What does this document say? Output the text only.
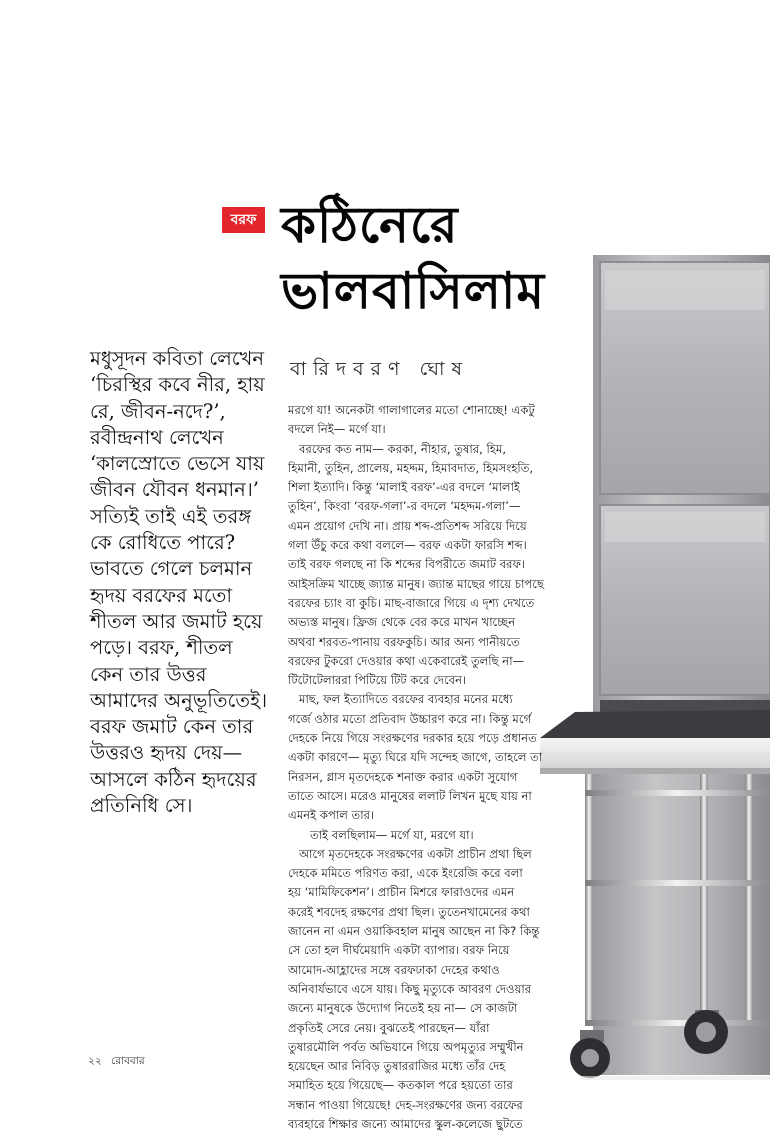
বরফ কঠিনেরে
ভালবাসিলাম
বারিদবরণ ঘোষ

মধুসূদন কবিতা লেখেন
‘চিরস্থির কবে নীর, হায়
রে, জীবন-নদে?’,
রবীন্দ্রনাথ লেখেন
‘কালস্রোতে ভেসে যায়
জীবন যৌবন ধনমান।’
সত্যিই তাই এই তরঙ্গ
কে রোধিতে পারে?
ভাবতে গেলে চলমান
হৃদয় বরফের মতো
শীতল আর জমাট হয়ে
পড়ে। বরফ, শীতল
কেন তার উত্তর
আমাদের অনুভূতিতেই।
বরফ জমাট কেন তার
উত্তরও হৃদয় দেয়—
আসলে কঠিন হৃদয়ের
প্রতিনিধি সে।

মরগে যা! অনেকটা গালাগালের মতো শোনাচ্ছে! একটু
বদলে নিই— মর্গে যা।
বরফের কত নাম— করকা, নীহার, তুষার, হিম,
হিমানী, তুহিন, প্রালেয়, মহদ্দম, হিমাবদাত, হিমসংহতি,
শিলা ইত্যাদি। কিন্তু ‘মালাই বরফ’-এর বদলে ‘মালাই
তুহিন’, কিংবা ‘বরফ-গলা’-র বদলে ‘মহদ্দম-গলা’—
এমন প্রয়োগ দেখি না। প্রায় শব্দ-প্রতিশব্দ সরিয়ে দিয়ে
গলা উঁচু করে কথা বললে— বরফ একটা ফারসি শব্দ।
তাই বরফ গলছে না কি শব্দের বিপরীতে জমাট বরফ।
আইসক্রিম খাচ্ছে জ্যান্ত মানুষ। জ্যান্ত মাছের গায়ে চাপছে
বরফের চ্যাং বা কুচি। মাছ-বাজারে গিয়ে এ দৃশ্য দেখতে
অভ্যস্ত মানুষ। ফ্রিজ থেকে বের করে মাখন খাচ্ছেন
অথবা শরবত-পানায় বরফকুচি। আর অন্য পানীয়তে
বরফের টুকরো দেওয়ার কথা একেবারেই তুলছি না—
টিটোটেলাররা পিটিয়ে টিট করে দেবেন।
মাছ, ফল ইত্যাদিতে বরফের ব্যবহার মনের মধ্যে
গর্জে ওঠার মতো প্রতিবাদ উচ্চারণ করে না। কিন্তু মর্গে
দেহকে নিয়ে গিয়ে সংরক্ষণের দরকার হয়ে পড়ে প্রধানত
একটা কারণে— মৃত্যু ঘিরে যদি সন্দেহ জাগে, তাহলে তা
নিরসন, গ্লাস মৃতদেহকে শনাক্ত করার একটা সুযোগ
তাতে আসে। মরেও মানুষের ললাট লিখন মুছে যায় না
এমনই কপাল তার।
তাই বলছিলাম— মর্গে যা, মরগে যা।
আগে মৃতদেহকে সংরক্ষণের একটা প্রাচীন প্রথা ছিল
দেহকে মমিতে পরিণত করা, একে ইংরেজি করে বলা
হয় ‘মামিফিকেশন’। প্রাচীন মিশরে ফারাওদের এমন
করেই শবদেহ রক্ষণের প্রথা ছিল। তুতেনখামেনের কথা
জানেন না এমন ওয়াকিবহাল মানুষ আছেন না কি? কিন্তু
সে তো হল দীর্ঘমেয়াদি একটা ব্যাপার। বরফ নিয়ে
আমোদ-আহ্লাদের সঙ্গে বরফঢাকা দেহের কথাও
অনিবার্যভাবে এসে যায়। কিছু মৃত্যুকে আবরণ দেওয়ার
জন্যে মানুষকে উদ্যোগ নিতেই হয় না— সে কাজটা
প্রকৃতিই সেরে নেয়। বুঝতেই পারছেন— যাঁরা
তুষারমৌলি পর্বত অভিযানে গিয়ে অপমৃত্যুর সম্মুখীন
হয়েছেন আর নিবিড় তুষাররাজির মধ্যে তাঁর দেহ
সমাহিত হয়ে গিয়েছে— কতকাল পরে হয়তো তার
সন্ধান পাওয়া গিয়েছে! দেহ-সংরক্ষণের জন্য বরফের
ব্যবহারে শিক্ষার জন্যে আমাদের স্কুল-কলেজে ছুটতে
২২ রোববার
